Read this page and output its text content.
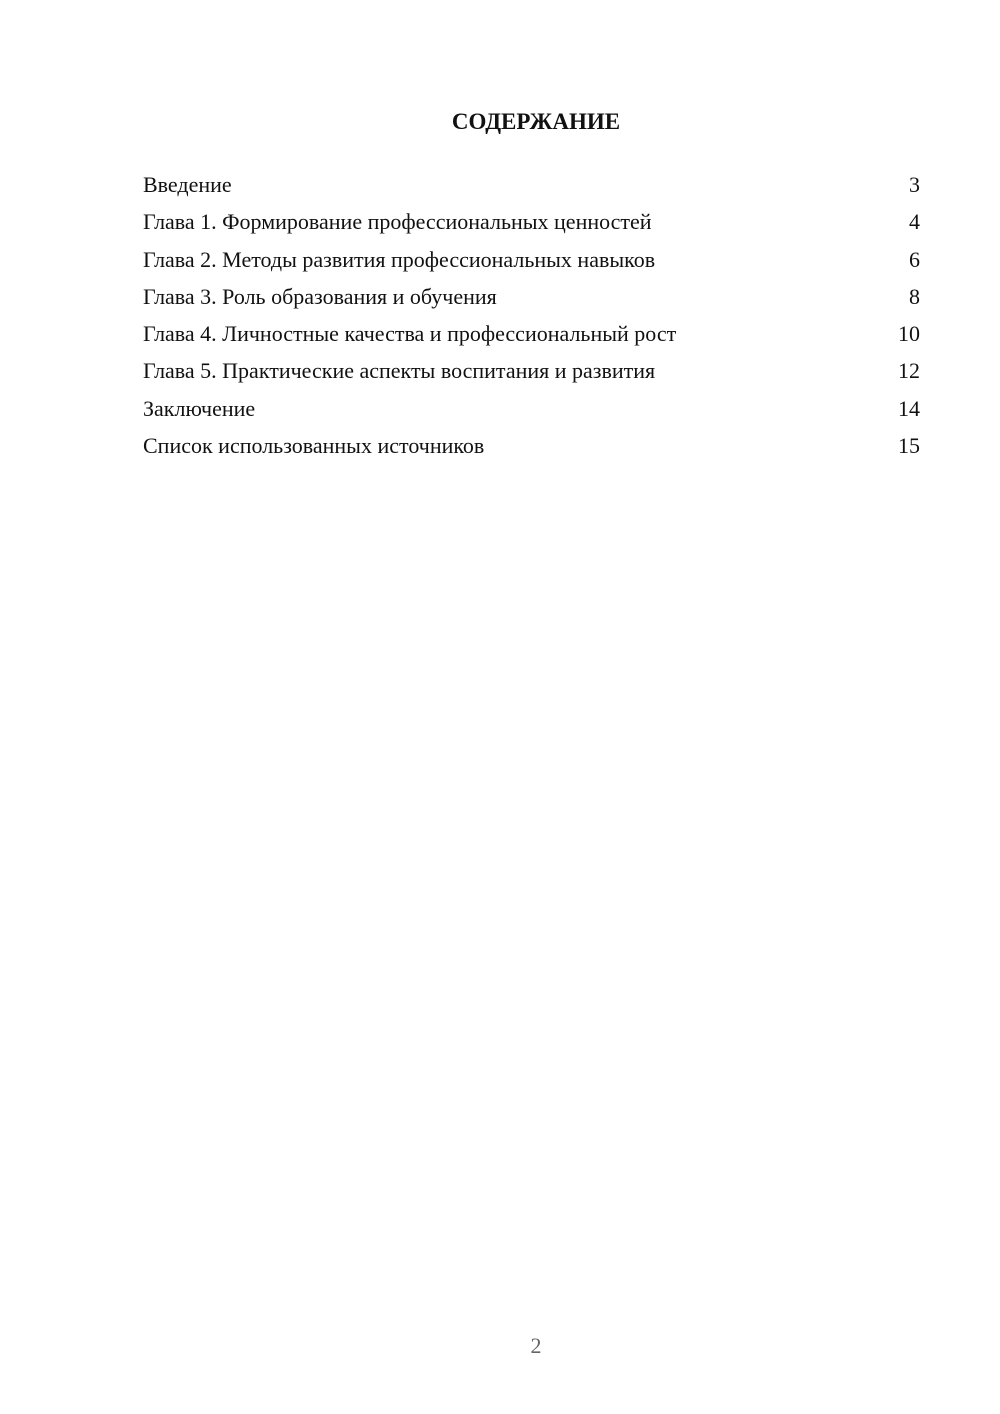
СОДЕРЖАНИЕ
Введение	3
Глава 1. Формирование профессиональных ценностей	4
Глава 2. Методы развития профессиональных навыков	6
Глава 3. Роль образования и обучения	8
Глава 4. Личностные качества и профессиональный рост	10
Глава 5. Практические аспекты воспитания и развития	12
Заключение	14
Список использованных источников	15
2
